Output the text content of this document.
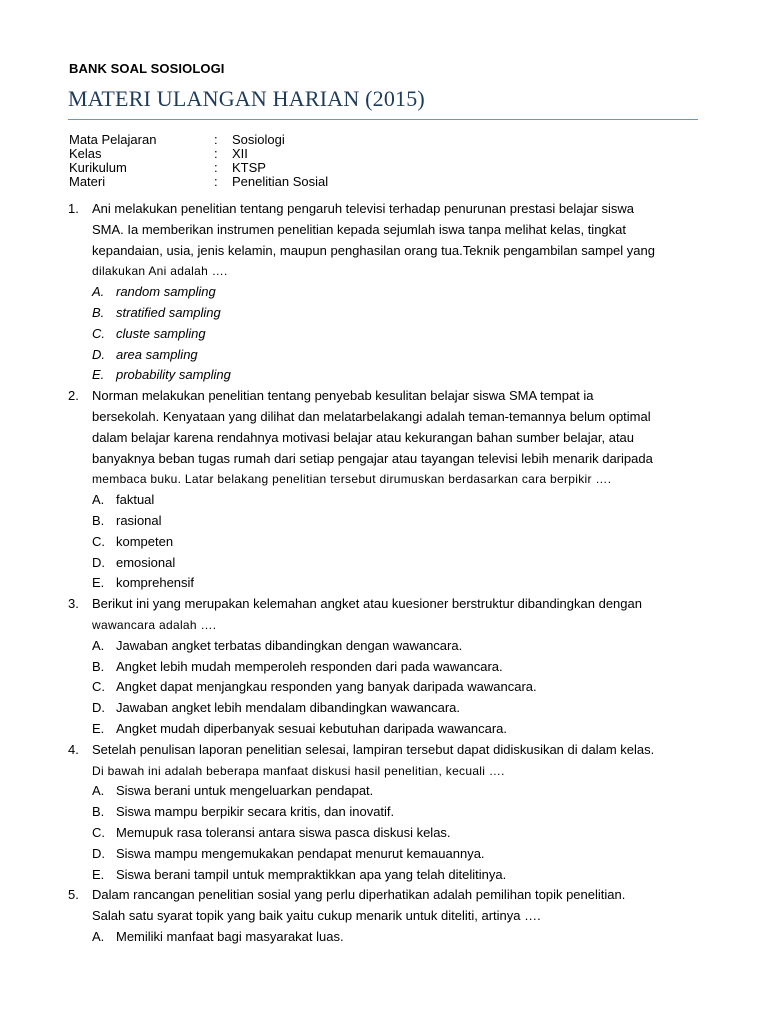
BANK SOAL SOSIOLOGI
MATERI ULANGAN HARIAN (2015)
Mata Pelajaran	:	Sosiologi
Kelas	:	XII
Kurikulum	:	KTSP
Materi	:	Penelitian Sosial
1.	Ani melakukan penelitian tentang pengaruh televisi terhadap penurunan prestasi belajar siswa
SMA. Ia memberikan instrumen penelitian kepada sejumlah iswa tanpa melihat kelas, tingkat
kepandaian, usia, jenis kelamin, maupun penghasilan orang tua.Teknik pengambilan sampel yang
dilakukan Ani adalah ….
A. random sampling
B. stratified sampling
C. cluste sampling
D. area sampling
E. probability sampling
2.	Norman melakukan penelitian tentang penyebab kesulitan belajar siswa SMA tempat ia
bersekolah. Kenyataan yang dilihat dan melatarbelakangi adalah teman-temannya belum optimal
dalam belajar karena rendahnya motivasi belajar atau kekurangan bahan sumber belajar, atau
banyaknya beban tugas rumah dari setiap pengajar atau tayangan televisi lebih menarik daripada
membaca buku. Latar belakang penelitian tersebut dirumuskan berdasarkan cara berpikir ….
A. faktual
B. rasional
C. kompeten
D. emosional
E. komprehensif
3.	Berikut ini yang merupakan kelemahan angket atau kuesioner berstruktur dibandingkan dengan
wawancara adalah ….
A. Jawaban angket terbatas dibandingkan dengan wawancara.
B. Angket lebih mudah memperoleh responden dari pada wawancara.
C. Angket dapat menjangkau responden yang banyak daripada wawancara.
D. Jawaban angket lebih mendalam dibandingkan wawancara.
E. Angket mudah diperbanyak sesuai kebutuhan daripada wawancara.
4.	Setelah penulisan laporan penelitian selesai, lampiran tersebut dapat didiskusikan di dalam kelas.
Di bawah ini adalah beberapa manfaat diskusi hasil penelitian, kecuali ….
A. Siswa berani untuk mengeluarkan pendapat.
B. Siswa mampu berpikir secara kritis, dan inovatif.
C. Memupuk rasa toleransi antara siswa pasca diskusi kelas.
D. Siswa mampu mengemukakan pendapat menurut kemauannya.
E. Siswa berani tampil untuk mempraktikkan apa yang telah ditelitinya.
5.	Dalam rancangan penelitian sosial yang perlu diperhatikan adalah pemilihan topik penelitian.
Salah satu syarat topik yang baik yaitu cukup menarik untuk diteliti, artinya ….
A. Memiliki manfaat bagi masyarakat luas.
